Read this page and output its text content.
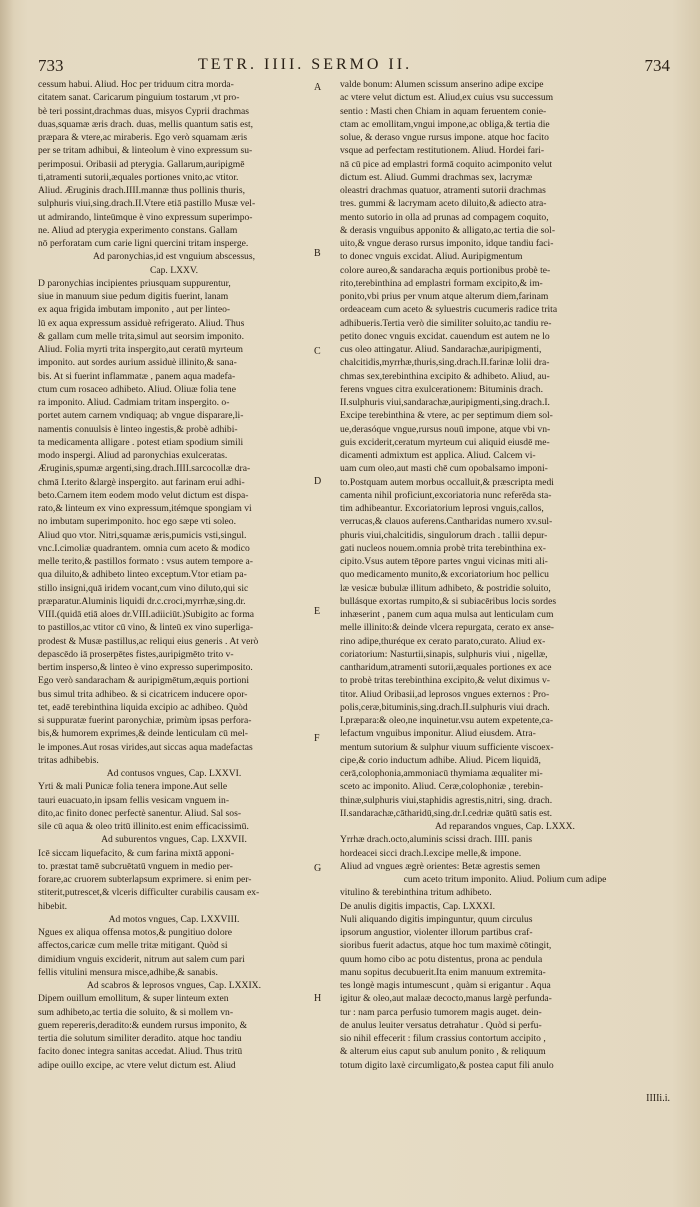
733	TETR. IIII. SERMO II.	734
cessum habui. Aliud. Hoc per triduum citra morda-
citatem sanat. Caricarum pinguium tostarum ,vt pro-
bè teri possint,drachmas duas, misyos Cyprii drachmas
duas,squamæ æris drach. duas, mellis quantum satis est,
præpara & vtere,ac miraberis. Ego verò squamam æris
per se tritam adhibui, & linteolum è vino expressum su-
perimposui. Oribasii ad pterygia. Gallarum,auripigmē
ti,atramenti sutorii,æquales portiones vnito,ac vtitor.
Aliud. Æruginis drach.IIII.mannæ thus pollinis thuris,
sulphuris viui,sing.drach.II.Vtere etiā pastillo Musæ vel-
ut admirando, linteūmque è vino expressum superimpo-
ne. Aliud ad pterygia experimento constans. Gallam
nō perforatam cum carie ligni quercini tritam insperge.
Ad paronychias,id est vnguium abscessus,
Cap. LXXV.
D paronychias incipientes priusquam suppurentur,
siue in manuum siue pedum digitis fuerint, lanam
ex aqua frigida imbutam imponito , aut per linteo-
lū ex aqua expressum assiduè refrigerato. Aliud. Thus
& gallam cum melle trita,simul aut seorsim imponito.
Aliud. Folia myrti trita inspergito,aut ceratū myrteum
imponito. aut sordes aurium assiduè illinito,& sana-
bis. At si fuerint inflammatæ , panem aqua madefa-
ctum cum rosaceo adhibeto. Aliud. Oliuæ folia tene
ra imponito. Aliud. Cadmiam tritam inspergito. o-
portet autem carnem vndiquaq; ab vngue disparare,li-
namentis conuulsis è linteo ingestis,& probè adhibi-
ta medicamenta alligare . potest etiam spodium simili
modo inspergi. Aliud ad paronychias exulceratas.
Æruginis,spumæ argenti,sing.drach.IIII.sarcocollæ dra-
chmā I.terito &largè inspergito. aut farinam erui adhi-
beto.Carnem item eodem modo velut dictum est dispa-
rato,& linteum ex vino expressum,itémque spongiam vi
no imbutam superimponito. hoc ego sæpe vti soleo.
Aliud quo vtor. Nitri,squamæ æris,pumicis vsti,singul.
vnc.I.cimoliæ quadrantem. omnia cum aceto & modico
melle terito,& pastillos formato : vsus autem tempore a-
qua diluito,& adhibeto linteo exceptum.Vtor etiam pa-
stillo insigni,quā iridem vocant,cum vino diluto,qui sic
præparatur.Aluminis liquidi dr.c.croci,myrrhæ,sing.dr.
VIII.(quidā etiā aloes dr.VIII.adiiciūt.)Subigito ac forma
to pastillos,ac vtitor cū vino, & linteū ex vino superliga-
prodest & Musæ pastillus,ac reliqui eius generis . At verò
depascēdo iā proserpētes fistes,auripigmēto trito v-
bertim insperso,& linteo è vino expresso superimposito.
Ego verò sandaracham & auripigmētum,æquis portioni
bus simul trita adhibeo. & si cicatricem inducere opor-
tet, eadē terebinthina liquida excipio ac adhibeo. Quòd
si suppuratæ fuerint paronychiæ, primùm ipsas perfora-
bis,& humorem exprimes,& deinde lenticulam cū mel-
le impones.Aut rosas virides,aut siccas aqua madefactas
tritas adhibebis.
Ad contusos vngues, Cap. LXXVI.
Yrti & mali Punicæ folia tenera impone.Aut selle
tauri euacuato,in ipsam fellis vesicam vnguem in-
dito,ac finito donec perfectè sanentur. Aliud. Sal sos-
sile cū aqua & oleo tritū illinito.est enim efficacissimū.
Ad suburentos vngues, Cap. LXXVII.
Icē siccam liquefacito, & cum farina mixtā apponi-
to. præstat tamē subcruētatū vnguem in medio per-
forare,ac cruorem subterlapsum exprimere. si enim per-
stiterit,putrescet,& vlceris difficulter curabilis causam ex-
hibebit.
Ad motos vngues, Cap. LXXVIII.
Ngues ex aliqua offensa motos,& pungitiuo dolore
affectos,caricæ cum melle tritæ mitigant. Quòd si
dimidium vnguis exciderit, nitrum aut salem cum pari
fellis vitulini mensura misce,adhibe,& sanabis.
Ad scabros & leprosos vngues, Cap. LXXIX.
Dipem ouillum emollitum, & super linteum exten
sum adhibeto,ac tertia die soluito, & si mollem vn-
guem repereris,deradito:& eundem rursus imponito, &
tertia die solutum similiter deradito. atque hoc tandiu
facito donec integra sanitas accedat. Aliud. Thus tritū
adipe ouillo excipe, ac vtere velut dictum est. Aliud
valde bonum: Alumen scissum anserino adipe excipe
ac vtere velut dictum est. Aliud,ex cuius vsu successum
sentio : Masti chen Chiam in aquam feruentem conie-
ctam ac emollitam,vngui impone,ac obliga,& tertia die
solue, & deraso vngue rursus impone. atque hoc facito
vsque ad perfectam restitutionem. Aliud. Hordei fari-
nā cū pice ad emplastri formā coquito acimponito velut
dictum est. Aliud. Gummi drachmas sex, lacrymæ
oleastri drachmas quatuor, atramenti sutorii drachmas
tres. gummi & lacrymam aceto diluito,& adiecto atra-
mento sutorio in olla ad prunas ad compagem coquito,
& derasis vnguibus apponito & alligato,ac tertia die sol-
uito,& vngue deraso rursus imponito, idque tandiu faci-
to donec vnguis excidat. Aliud. Auripigmentum
colore aureo,& sandaracha æquis portionibus probè te-
rito,terebinthina ad emplastri formam excipito,& im-
ponito,vbi prius per vnum atque alterum diem,farinam
ordeaceam cum aceto & syluestris cucumeris radice trita
adhibueris.Tertia verò die similiter soluito,ac tandiu re-
petito donec vnguis excidat. cauendum est autem ne lo
cus oleo attingatur. Aliud. Sandarachæ,auripigmenti,
chalcitidis,myrrhæ,thuris,sing.drach.II.farinæ lolii dra-
chmas sex,terebinthina excipito & adhibeto. Aliud, au-
ferens vngues citra exulcerationem: Bituminis drach.
II.sulphuris viui,sandarachæ,auripigmenti,sing.drach.I.
Excipe terebinthina & vtere, ac per septimum diem sol-
ue,derasóque vngue,rursus nouū impone, atque vbi vn-
guis exciderit,ceratum myrteum cui aliquid eiusdē me-
dicamenti admixtum est applica. Aliud. Calcem vi-
uam cum oleo,aut masti chē cum opobalsamo imponi-
to.Postquam autem morbus occalluit,& præscripta medi
camenta nihil proficiunt,excoriatoria nunc referēda sta-
tim adhibeantur. Excoriatorium leprosi vnguis,callos,
verrucas,& clauos auferens.Cantharidas numero xv.sul-
phuris viui,chalcitidis, singulorum drach . tallii depur-
gati nucleos nouem.omnia probè trita terebinthina ex-
cipito.Vsus autem tēpore partes vngui vicinas miti ali-
quo medicamento munito,& excoriatorium hoc pellicu
læ vesicæ bubulæ illitum adhibeto, & postridie soluito,
bullásque exortas rumpito,& si subiacēribus locis sordes
inhæserint , panem cum aqua mulsa aut lenticulam cum
melle illinito:& deinde vlcera repurgata, cerato ex anse-
rino adipe,thuréque ex cerato parato,curato. Aliud ex-
coriatorium: Nasturtii,sinapis, sulphuris viui , nigellæ,
cantharidum,atramenti sutorii,æquales portiones ex ace
to probè tritas terebinthina excipito,& velut diximus v-
titor. Aliud Oribasii,ad leprosos vngues externos : Pro-
polis,ceræ,bituminis,sing.drach.II.sulphuris viui drach.
I.præpara:& oleo,ne inquinetur.vsu autem expetente,ca-
lefactum vnguibus imponitur. Aliud eiusdem. Atra-
mentum sutorium & sulphur viuum sufficiente viscoex-
cipe,& corio inductum adhibe. Aliud. Picem liquidā,
cerā,colophonia,ammoniacū thymiama æqualiter mi-
sceto ac imponito. Aliud. Ceræ,colophoniæ , terebin-
thinæ,sulphuris viui,staphidis agrestis,nitri, sing. drach.
II.sandarachæ,cātharidū,sing.dr.I.cedriæ quātū satis est.
Ad reparandos vngues, Cap. LXXX.
Yrrhæ drach.octo,aluminis scissi drach. IIII. panis
hordeacei sicci drach.I.excipe melle,& impone.
Aliud ad vngues ægrè orientes: Betæ agrestis semen
cum aceto tritum imponito. Aliud. Polium cum adipe
vitulino & terebinthina tritum adhibeto.
De anulis digitis impactis, Cap. LXXXI.
Nuli aliquando digitis impinguntur, quum circulus
ipsorum angustior, violenter illorum partibus craf-
sioribus fuerit adactus, atque hoc tum maximè cōtingit,
quum homo cibo ac potu distentus, prona ac pendula
manu sopitus decubuerit.Ita enim manuum extremita-
tes longè magis intumescunt , quàm si erigantur . Aqua
igitur & oleo,aut malaæ decocto,manus largè perfunda-
tur : nam parca perfusio tumorem magis auget. dein-
de anulus leuiter versatus detrahatur . Quòd si perfu-
sio nihil effecerit : filum crassius contortum accipito ,
& alterum eius caput sub anulum ponito , & reliquum
totum digito laxè circumligato,& postea caput fili anulo
A
B
C
D
E
F
G
H
IIIIi.i.
